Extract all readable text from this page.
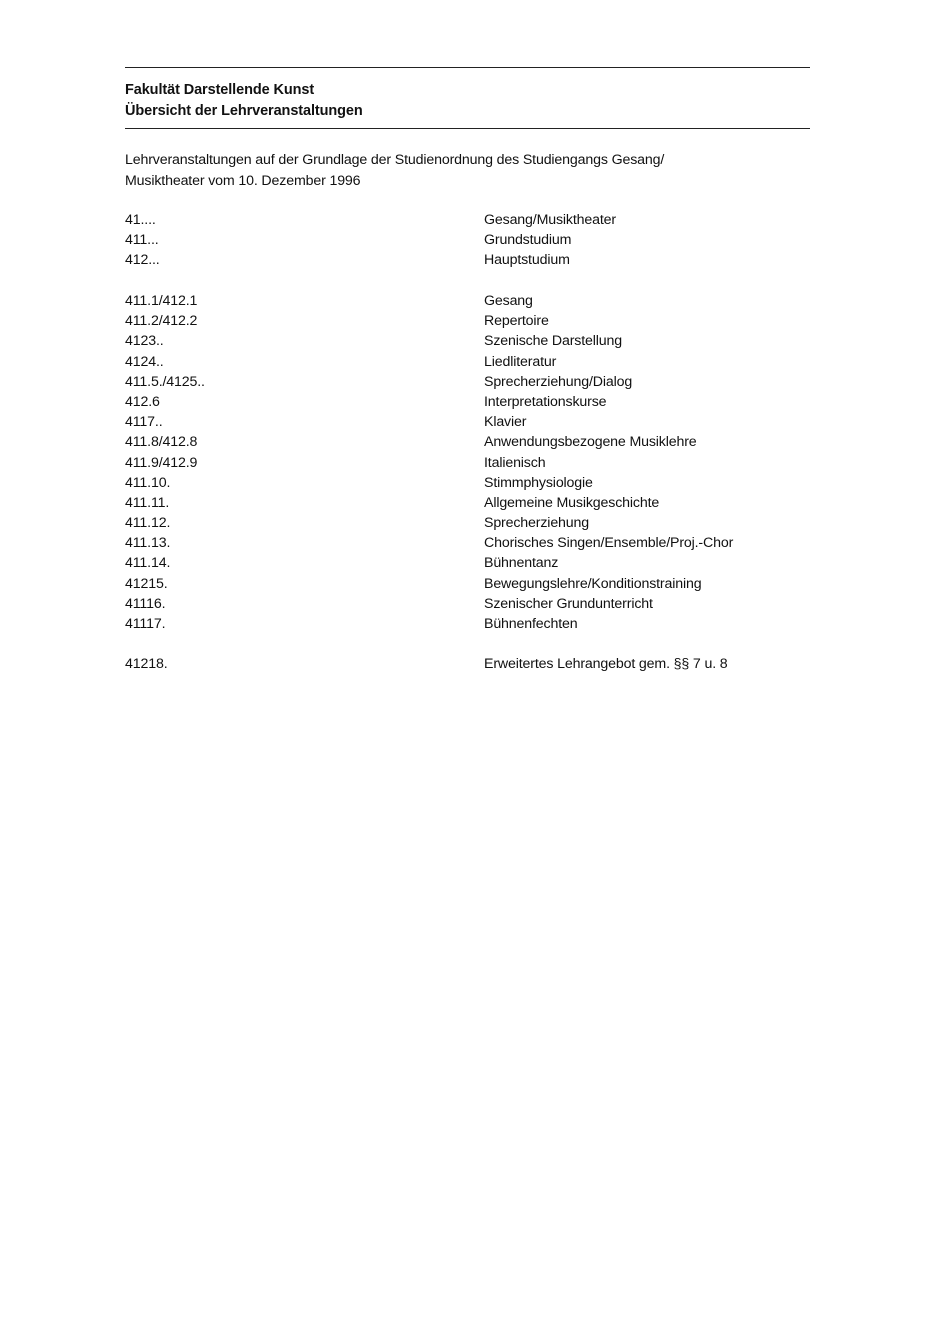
Fakultät Darstellende Kunst
Übersicht der Lehrveranstaltungen
Lehrveranstaltungen auf der Grundlage der Studienordnung des Studiengangs Gesang/
Musiktheater vom 10. Dezember 1996
41....	Gesang/Musiktheater
411...	Grundstudium
412...	Hauptstudium
411.1/412.1	Gesang
411.2/412.2	Repertoire
4123..	Szenische Darstellung
4124..	Liedliteratur
411.5./4125..	Sprecherziehung/Dialog
412.6	Interpretationskurse
4117..	Klavier
411.8/412.8	Anwendungsbezogene Musiklehre
411.9/412.9	Italienisch
411.10.	Stimmphysiologie
411.11.	Allgemeine Musikgeschichte
411.12.	Sprecherziehung
411.13.	Chorisches Singen/Ensemble/Proj.-Chor
411.14.	Bühnentanz
41215.	Bewegungslehre/Konditionstraining
41116.	Szenischer Grundunterricht
41117.	Bühnenfechten
41218.	Erweitertes Lehrangebot gem. §§ 7 u. 8
